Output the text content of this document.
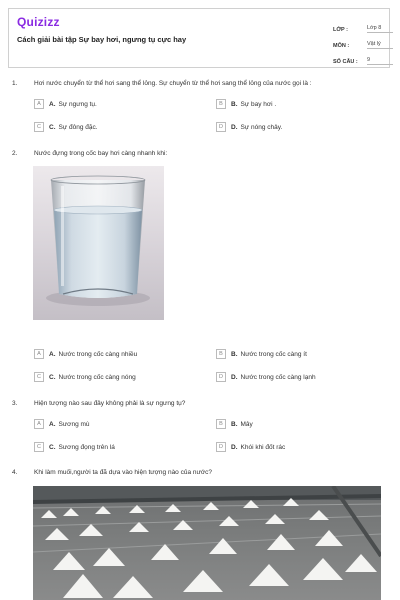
Quizizz
Cách giải bài tập Sự bay hơi, ngưng tụ cực hay
LỚP :	Lớp 8
MÔN :	Vật lý
SỐ CÂU :	9
1.	Hơi nước chuyển từ thể hơi sang thể lỏng. Sự chuyển từ thể hơi sang thể lỏng của nước gọi là :
A	A. Sự ngưng tụ.	B	B. Sự bay hơi .
C	C. Sự đông đặc.	D	D. Sự nóng chảy.
2.	Nước đựng trong cốc bay hơi càng nhanh khi:
A	A. Nước trong cốc càng nhiều	B	B. Nước trong cốc càng ít
C	C. Nước trong cốc càng nóng	D	D. Nước trong cốc càng lạnh
3.	Hiện tượng nào sau đây không phải là sự ngưng tụ?
A	A. Sương mù	B	B. Mây
C	C. Sương đọng trên lá	D	D. Khói khi đốt rác
4.	Khi làm muối,người ta đã dựa vào hiện tượng nào của nước?
